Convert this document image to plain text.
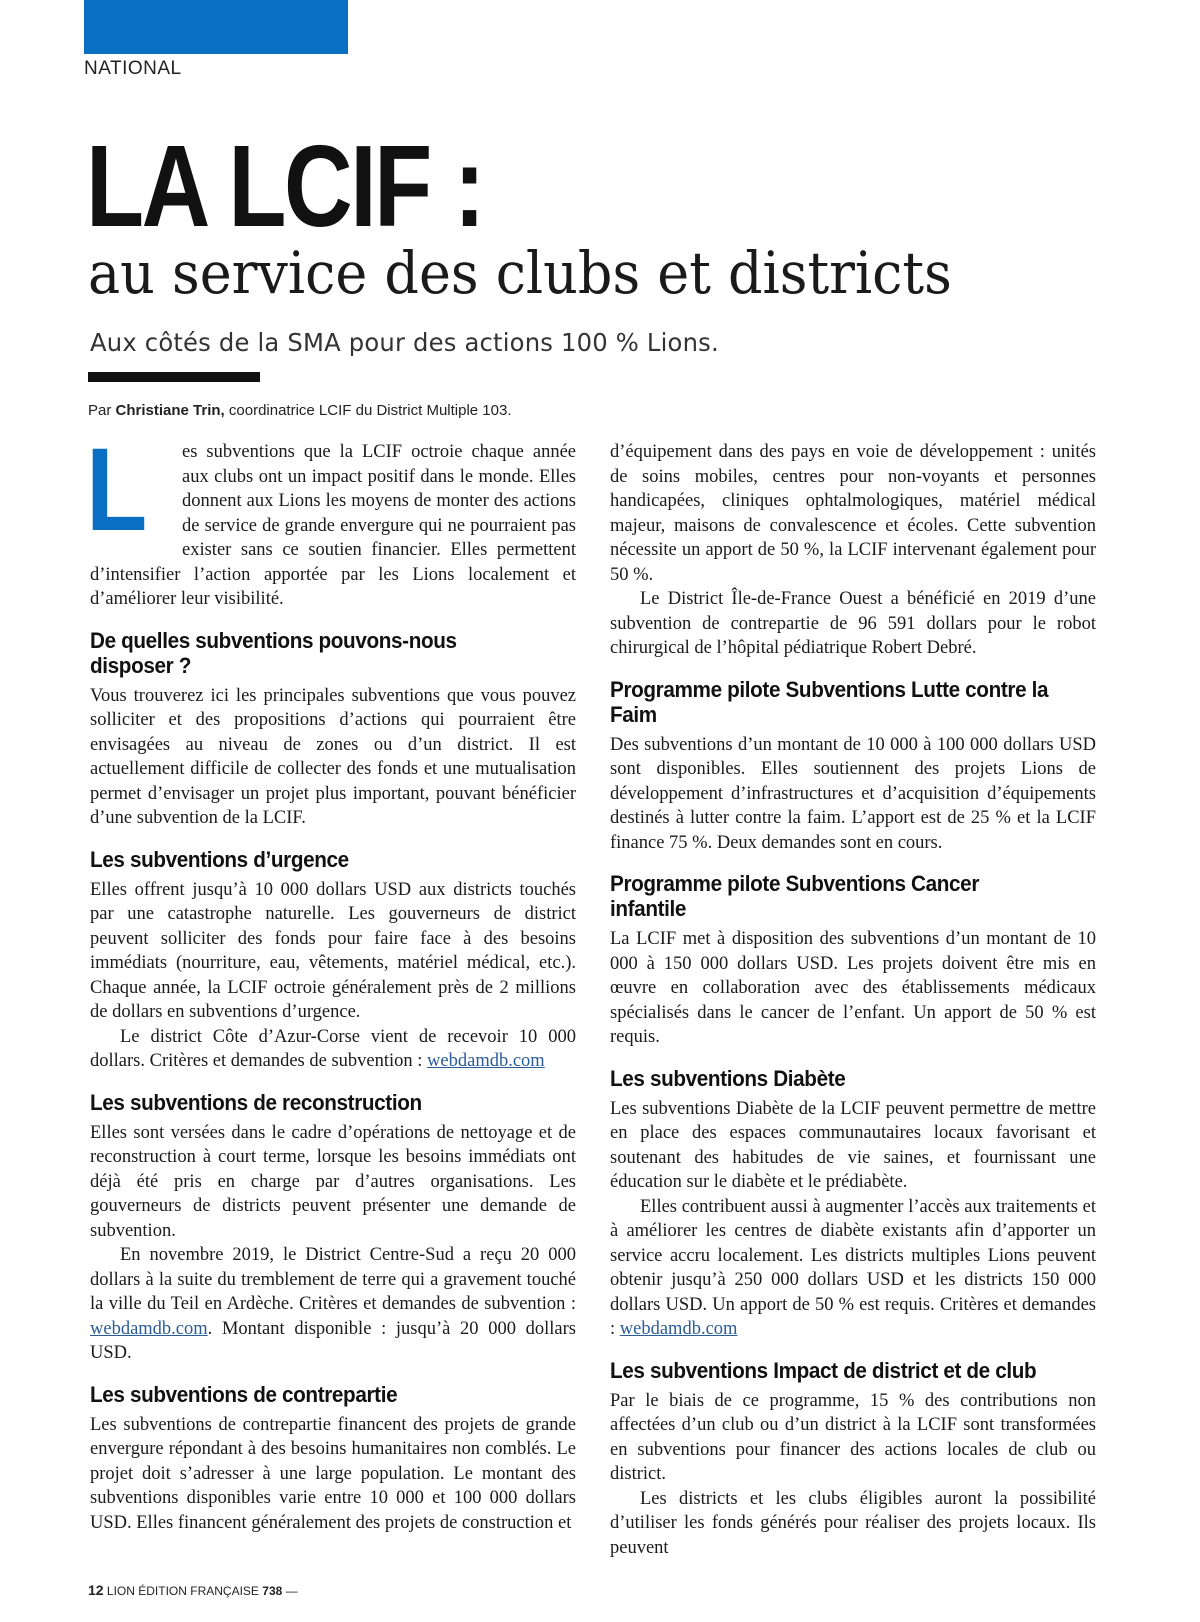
NATIONAL
LA LCIF :
au service des clubs et districts
Aux côtés de la SMA pour des actions 100 % Lions.
Par Christiane Trin, coordinatrice LCIF du District Multiple 103.

L	es subventions que la LCIF octroie chaque année aux clubs ont un impact positif dans le monde. Elles donnent aux Lions les moyens de monter des actions de service de grande envergure qui ne pourraient pas exister sans ce soutien financier. Elles permettent d’intensifier l’action apportée par les Lions localement et d’améliorer leur visibilité.

De quelles subventions pouvons-nous disposer ?

Vous trouverez ici les principales subventions que vous pouvez solliciter et des propositions d’actions qui pourraient être envisagées au niveau de zones ou d’un district. Il est actuellement difficile de collecter des fonds et une mutualisation permet d’envisager un projet plus important, pouvant bénéficier d’une subvention de la LCIF.

Les subventions d’urgence

Elles offrent jusqu’à 10 000 dollars USD aux districts touchés par une catastrophe naturelle. Les gouverneurs de district peuvent solliciter des fonds pour faire face à des besoins immédiats (nourriture, eau, vêtements, matériel médical, etc.). Chaque année, la LCIF octroie généralement près de 2 millions de dollars en subventions d’urgence.

Le district Côte d’Azur-Corse vient de recevoir 10 000 dollars. Critères et demandes de subvention : webdamdb.com

Les subventions de reconstruction

Elles sont versées dans le cadre d’opérations de nettoyage et de reconstruction à court terme, lorsque les besoins immédiats ont déjà été pris en charge par d’autres organisations. Les gouverneurs de districts peuvent présenter une demande de subvention.

En novembre 2019, le District Centre-Sud a reçu 20 000 dollars à la suite du tremblement de terre qui a gravement touché la ville du Teil en Ardèche. Critères et demandes de subvention : webdamdb.com. Montant disponible : jusqu’à 20 000 dollars USD.

Les subventions de contrepartie

Les subventions de contrepartie financent des projets de grande envergure répondant à des besoins humanitaires non comblés. Le projet doit s’adresser à une large population. Le montant des subventions disponibles varie entre 10 000 et 100 000 dollars USD. Elles financent généralement des projets de construction et

d’équipement dans des pays en voie de développement : unités de soins mobiles, centres pour non-voyants et personnes handicapées, cliniques ophtalmologiques, matériel médical majeur, maisons de convalescence et écoles. Cette subvention nécessite un apport de 50 %, la LCIF intervenant également pour 50 %.

Le District Île-de-France Ouest a bénéficié en 2019 d’une subvention de contrepartie de 96 591 dollars pour le robot chirurgical de l’hôpital pédiatrique Robert Debré.

Programme pilote Subventions Lutte contre la Faim

Des subventions d’un montant de 10 000 à 100 000 dollars USD sont disponibles. Elles soutiennent des projets Lions de développement d’infrastructures et d’acquisition d’équipements destinés à lutter contre la faim. L’apport est de 25 % et la LCIF finance 75 %. Deux demandes sont en cours.

Programme pilote Subventions Cancer infantile

La LCIF met à disposition des subventions d’un montant de 10 000 à 150 000 dollars USD. Les projets doivent être mis en œuvre en collaboration avec des établissements médicaux spécialisés dans le cancer de l’enfant. Un apport de 50 % est requis.

Les subventions Diabète

Les subventions Diabète de la LCIF peuvent permettre de mettre en place des espaces communautaires locaux favorisant et soutenant des habitudes de vie saines, et fournissant une éducation sur le diabète et le prédiabète.

Elles contribuent aussi à augmenter l’accès aux traitements et à améliorer les centres de diabète existants afin d’apporter un service accru localement. Les districts multiples Lions peuvent obtenir jusqu’à 250 000 dollars USD et les districts 150 000 dollars USD. Un apport de 50 % est requis. Critères et demandes : webdamdb.com

Les subventions Impact de district et de club

Par le biais de ce programme, 15 % des contributions non affectées d’un club ou d’un district à la LCIF sont transformées en subventions pour financer des actions locales de club ou district.

Les districts et les clubs éligibles auront la possibilité d’utiliser les fonds générés pour réaliser des projets locaux. Ils peuvent

12 LION ÉDITION FRANÇAISE 738 —
